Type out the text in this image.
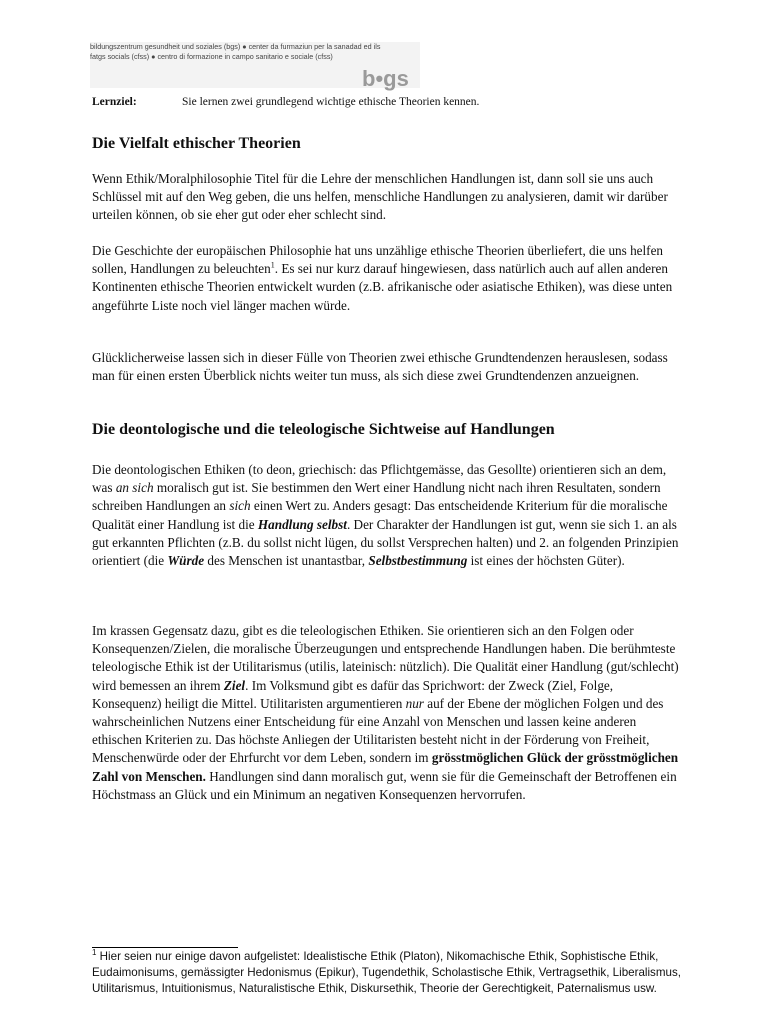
bildungszentrum gesundheit und soziales (bgs) ● center da furmaziun per la sanadad ed ils
fatgs socials (cfss) ● centro di formazione in campo sanitario e sociale (cfss)
b•gs
Lernziel:	Sie lernen zwei grundlegend wichtige ethische Theorien kennen.
Die Vielfalt ethischer Theorien

Wenn Ethik/Moralphilosophie Titel für die Lehre der menschlichen Handlungen ist, dann soll sie uns auch Schlüssel mit auf den Weg geben, die uns helfen, menschliche Handlungen zu analysieren, damit wir darüber urteilen können, ob sie eher gut oder eher schlecht sind.

Die Geschichte der europäischen Philosophie hat uns unzählige ethische Theorien überliefert, die uns helfen sollen, Handlungen zu beleuchten$^1$. Es sei nur kurz darauf hingewiesen, dass natürlich auch auf allen anderen Kontinenten ethische Theorien entwickelt wurden (z.B. afrikanische oder asiatische Ethiken), was diese unten angeführte Liste noch viel länger machen würde.

Glücklicherweise lassen sich in dieser Fülle von Theorien zwei ethische Grundtendenzen herauslesen, sodass man für einen ersten Überblick nichts weiter tun muss, als sich diese zwei Grundtendenzen anzueignen.

Die deontologische und die teleologische Sichtweise auf Handlungen

Die deontologischen Ethiken (to deon, griechisch: das Pflichtgemässe, das Gesollte) orientieren sich an dem, was an sich moralisch gut ist. Sie bestimmen den Wert einer Handlung nicht nach ihren Resultaten, sondern schreiben Handlungen an sich einen Wert zu. Anders gesagt: Das entscheidende Kriterium für die moralische Qualität einer Handlung ist die Handlung selbst. Der Charakter der Handlungen ist gut, wenn sie sich 1. an als gut erkannten Pflichten (z.B. du sollst nicht lügen, du sollst Versprechen halten) und 2. an folgenden Prinzipien orientiert (die Würde des Menschen ist unantastbar, Selbstbestimmung ist eines der höchsten Güter).

Im krassen Gegensatz dazu, gibt es die teleologischen Ethiken. Sie orientieren sich an den Folgen oder Konsequenzen/Zielen, die moralische Überzeugungen und entsprechende Handlungen haben. Die berühmteste teleologische Ethik ist der Utilitarismus (utilis, lateinisch: nützlich). Die Qualität einer Handlung (gut/schlecht) wird bemessen an ihrem Ziel. Im Volksmund gibt es dafür das Sprichwort: der Zweck (Ziel, Folge, Konsequenz) heiligt die Mittel. Utilitaristen argumentieren nur auf der Ebene der möglichen Folgen und des wahrscheinlichen Nutzens einer Entscheidung für eine Anzahl von Menschen und lassen keine anderen ethischen Kriterien zu. Das höchste Anliegen der Utilitaristen besteht nicht in der Förderung von Freiheit, Menschenwürde oder der Ehrfurcht vor dem Leben, sondern im grösstmöglichen Glück der grösstmöglichen Zahl von Menschen. Handlungen sind dann moralisch gut, wenn sie für die Gemeinschaft der Betroffenen ein Höchstmass an Glück und ein Minimum an negativen Konsequenzen hervorrufen.

$^1$ Hier seien nur einige davon aufgelistet: Idealistische Ethik (Platon), Nikomachische Ethik, Sophistische Ethik, Eudaimonisums, gemässigter Hedonismus (Epikur), Tugendethik, Scholastische Ethik, Vertragsethik, Liberalismus, Utilitarismus, Intuitionismus, Naturalistische Ethik, Diskursethik, Theorie der Gerechtigkeit, Paternalismus usw.
